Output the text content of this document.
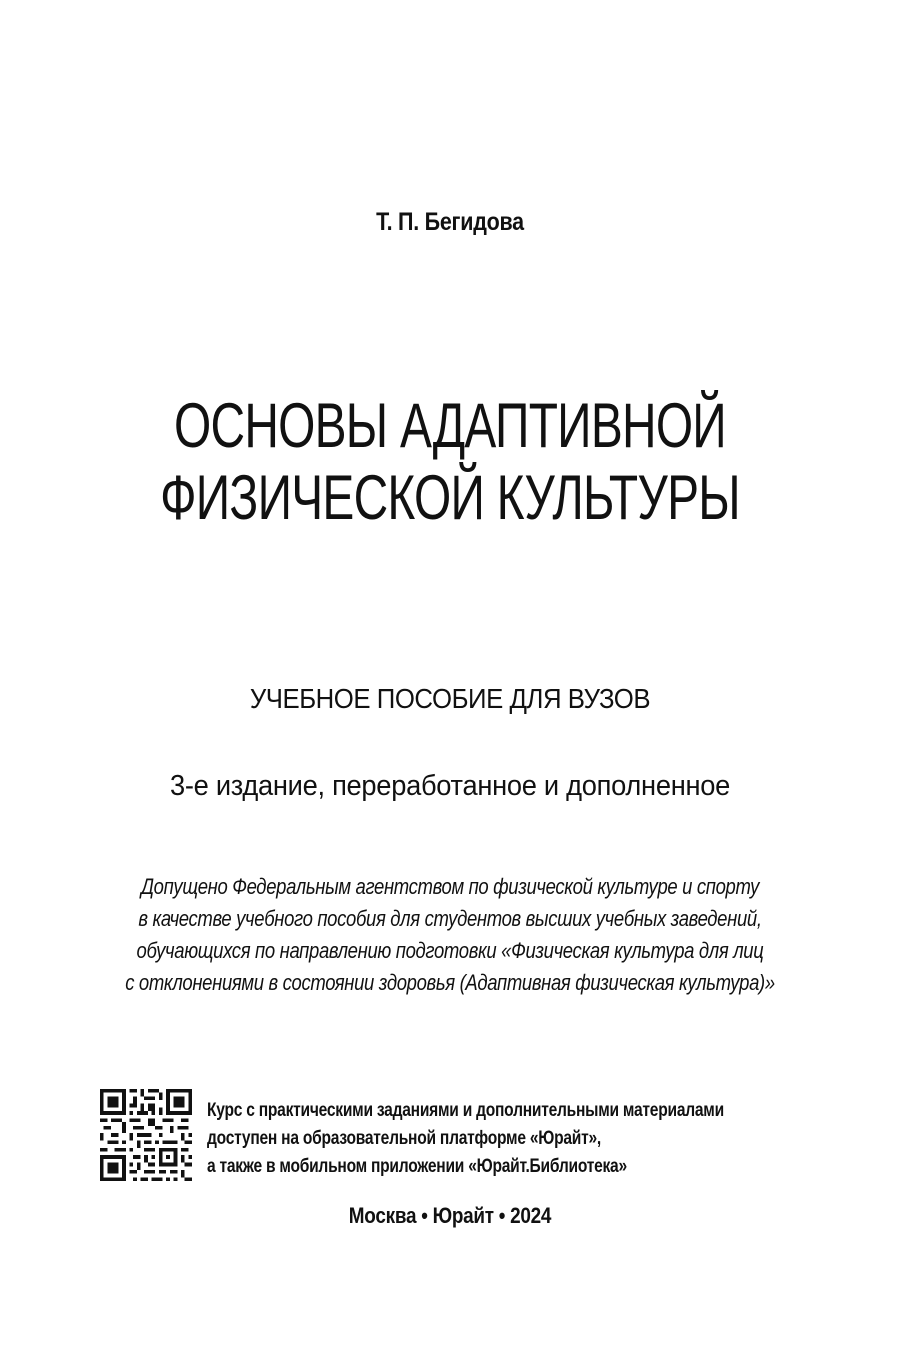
Т. П. Бегидова
ОСНОВЫ АДАПТИВНОЙ
ФИЗИЧЕСКОЙ КУЛЬТУРЫ
УЧЕБНОЕ ПОСОБИЕ ДЛЯ ВУЗОВ
3-е издание, переработанное и дополненное
Допущено Федеральным агентством по физической культуре и спорту
в качестве учебного пособия для студентов высших учебных заведений,
обучающихся по направлению подготовки «Физическая культура для лиц
с отклонениями в состоянии здоровья (Адаптивная физическая культура)»
Курс с практическими заданиями и дополнительными материалами
доступен на образовательной платформе «Юрайт»,
а также в мобильном приложении «Юрайт.Библиотека»
Москва • Юрайт • 2024
